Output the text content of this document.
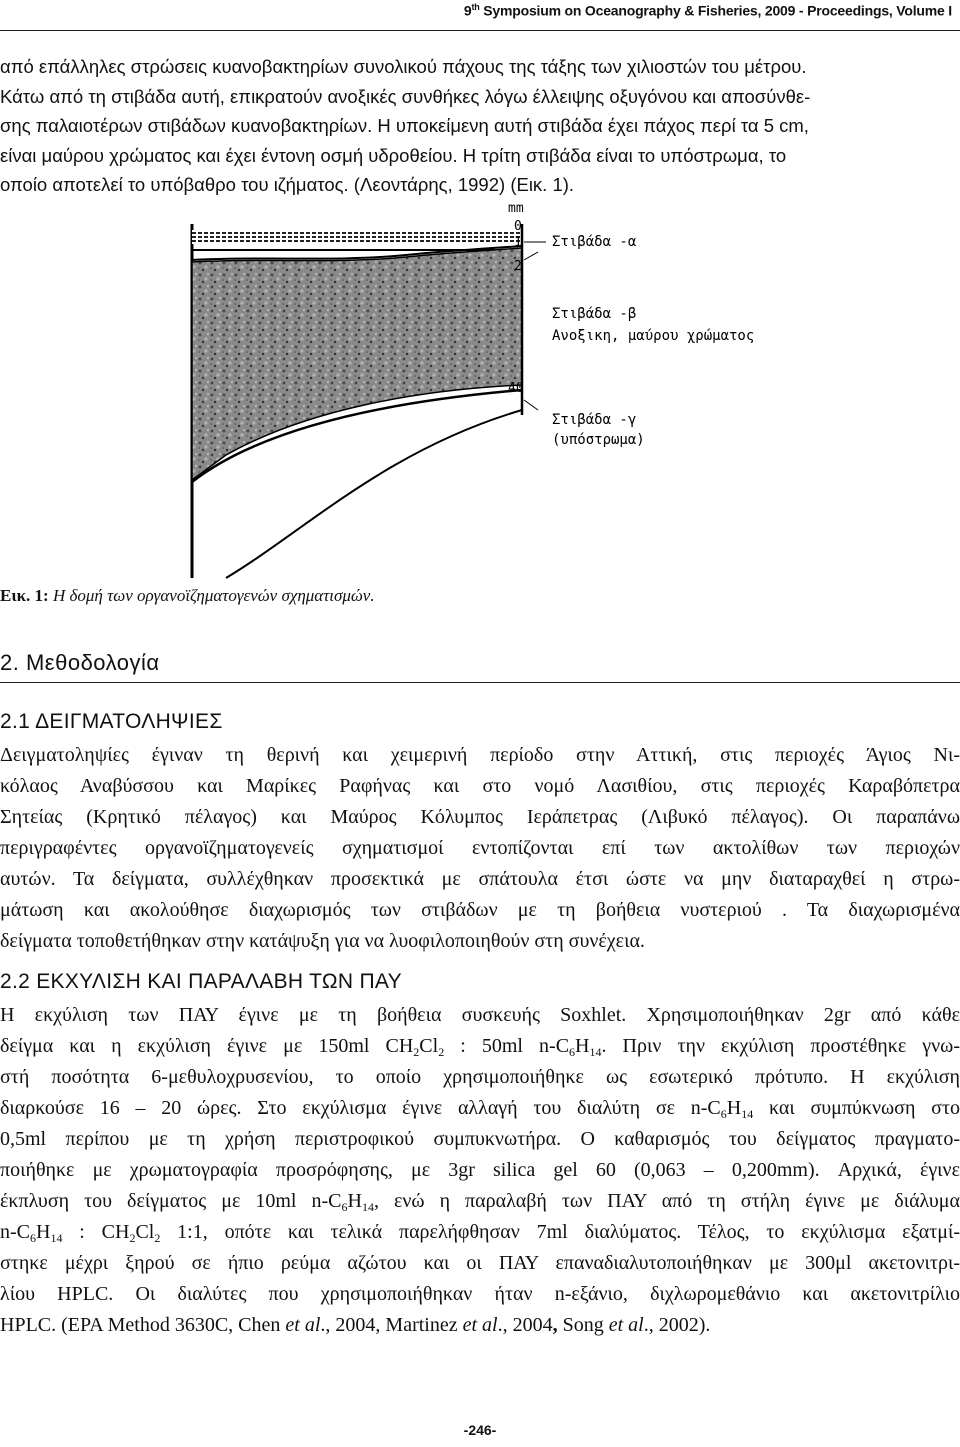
9th Symposium on Oceanography & Fisheries, 2009 - Proceedings, Volume I
από επάλληλες στρώσεις κυανοβακτηρίων συνολικού πάχους της τάξης των χιλιοστών του μέτρου.
Κάτω από τη στιβάδα αυτή, επικρατούν ανοξικές συνθήκες λόγω έλλειψης οξυγόνου και αποσύνθε-
σης παλαιοτέρων στιβάδων κυανοβακτηρίων. Η υποκείμενη αυτή στιβάδα έχει πάχος περί τα 5 cm,
είναι μαύρου χρώματος και έχει έντονη οσμή υδροθείου. Η τρίτη στιβάδα είναι το υπόστρωμα, το
οποίο αποτελεί το υπόβαθρο του ιζήματος. (Λεοντάρης, 1992) (Εικ. 1).
mm
0
1
2
40
Στιβάδα -α
Στιβάδα -β
Ανοξικη, μαύρου χρώματος
Στιβάδα -γ
(υπόστρωμα)
Εικ. 1: Η δομή των οργανοϊζηματογενών σχηματισμών.
2. Μεθοδολογία
2.1 ΔΕΙΓΜΑΤΟΛΗΨΙΕΣ
Δειγματοληψίες έγιναν τη θερινή και χειμερινή περίοδο στην Αττική, στις περιοχές Άγιος Νι-
κόλαος Αναβύσσου και Μαρίκες Ραφήνας και στο νομό Λασιθίου, στις περιοχές Καραβόπετρα
Σητείας (Κρητικό πέλαγος) και Μαύρος Κόλυμπος Ιεράπετρας (Λιβυκό πέλαγος). Οι παραπάνω
περιγραφέντες οργανοϊζηματογενείς σχηματισμοί εντοπίζονται επί των ακτολίθων των περιοχών
αυτών. Τα δείγματα, συλλέχθηκαν προσεκτικά με σπάτουλα έτσι ώστε να μην διαταραχθεί η στρω-
μάτωση και ακολούθησε διαχωρισμός των στιβάδων με τη βοήθεια νυστεριού . Τα διαχωρισμένα
δείγματα τοποθετήθηκαν στην κατάψυξη για να λυοφιλοποιηθούν στη συνέχεια.
2.2 ΕΚΧΥΛΙΣΗ ΚΑΙ ΠΑΡΑΛΑΒΗ ΤΩΝ ΠΑΥ
Η εκχύλιση των ΠΑΥ έγινε με τη βοήθεια συσκευής Soxhlet. Χρησιμοποιήθηκαν 2gr από κάθε
δείγμα και η εκχύλιση έγινε με 150ml $CH_2Cl_2$ : 50ml $n-C_6H_{14}$. Πριν την εκχύλιση προστέθηκε γνω-
στή ποσότητα 6-μεθυλοχρυσενίου, το οποίο χρησιμοποιήθηκε ως εσωτερικό πρότυπο. Η εκχύλιση
διαρκούσε 16 – 20 ώρες. Στο εκχύλισμα έγινε αλλαγή του διαλύτη σε $n-C_6H_{14}$ και συμπύκνωση στο
0,5ml περίπου με τη χρήση περιστροφικού συμπυκνωτήρα. Ο καθαρισμός του δείγματος πραγματο-
ποιήθηκε με χρωματογραφία προσρόφησης, με 3gr silica gel 60 (0,063 – 0,200mm). Αρχικά, έγινε
έκπλυση του δείγματος με 10ml $n-C_6H_{14}$, ενώ η παραλαβή των ΠΑΥ από τη στήλη έγινε με διάλυμα
$n-C_6H_{14}$ : $CH_2Cl_2$ 1:1, οπότε και τελικά παρελήφθησαν 7ml διαλύματος. Τέλος, το εκχύλισμα εξατμί-
στηκε μέχρι ξηρού σε ήπιο ρεύμα αζώτου και οι ΠΑΥ επαναδιαλυτοποιήθηκαν με 300μl ακετονιτρι-
λίου HPLC. Οι διαλύτες που χρησιμοποιήθηκαν ήταν n-εξάνιο, διχλωρομεθάνιο και ακετονιτρίλιο
HPLC. (EPA Method 3630C, Chen et al., 2004, Martinez et al., 2004, Song et al., 2002).
-246-
